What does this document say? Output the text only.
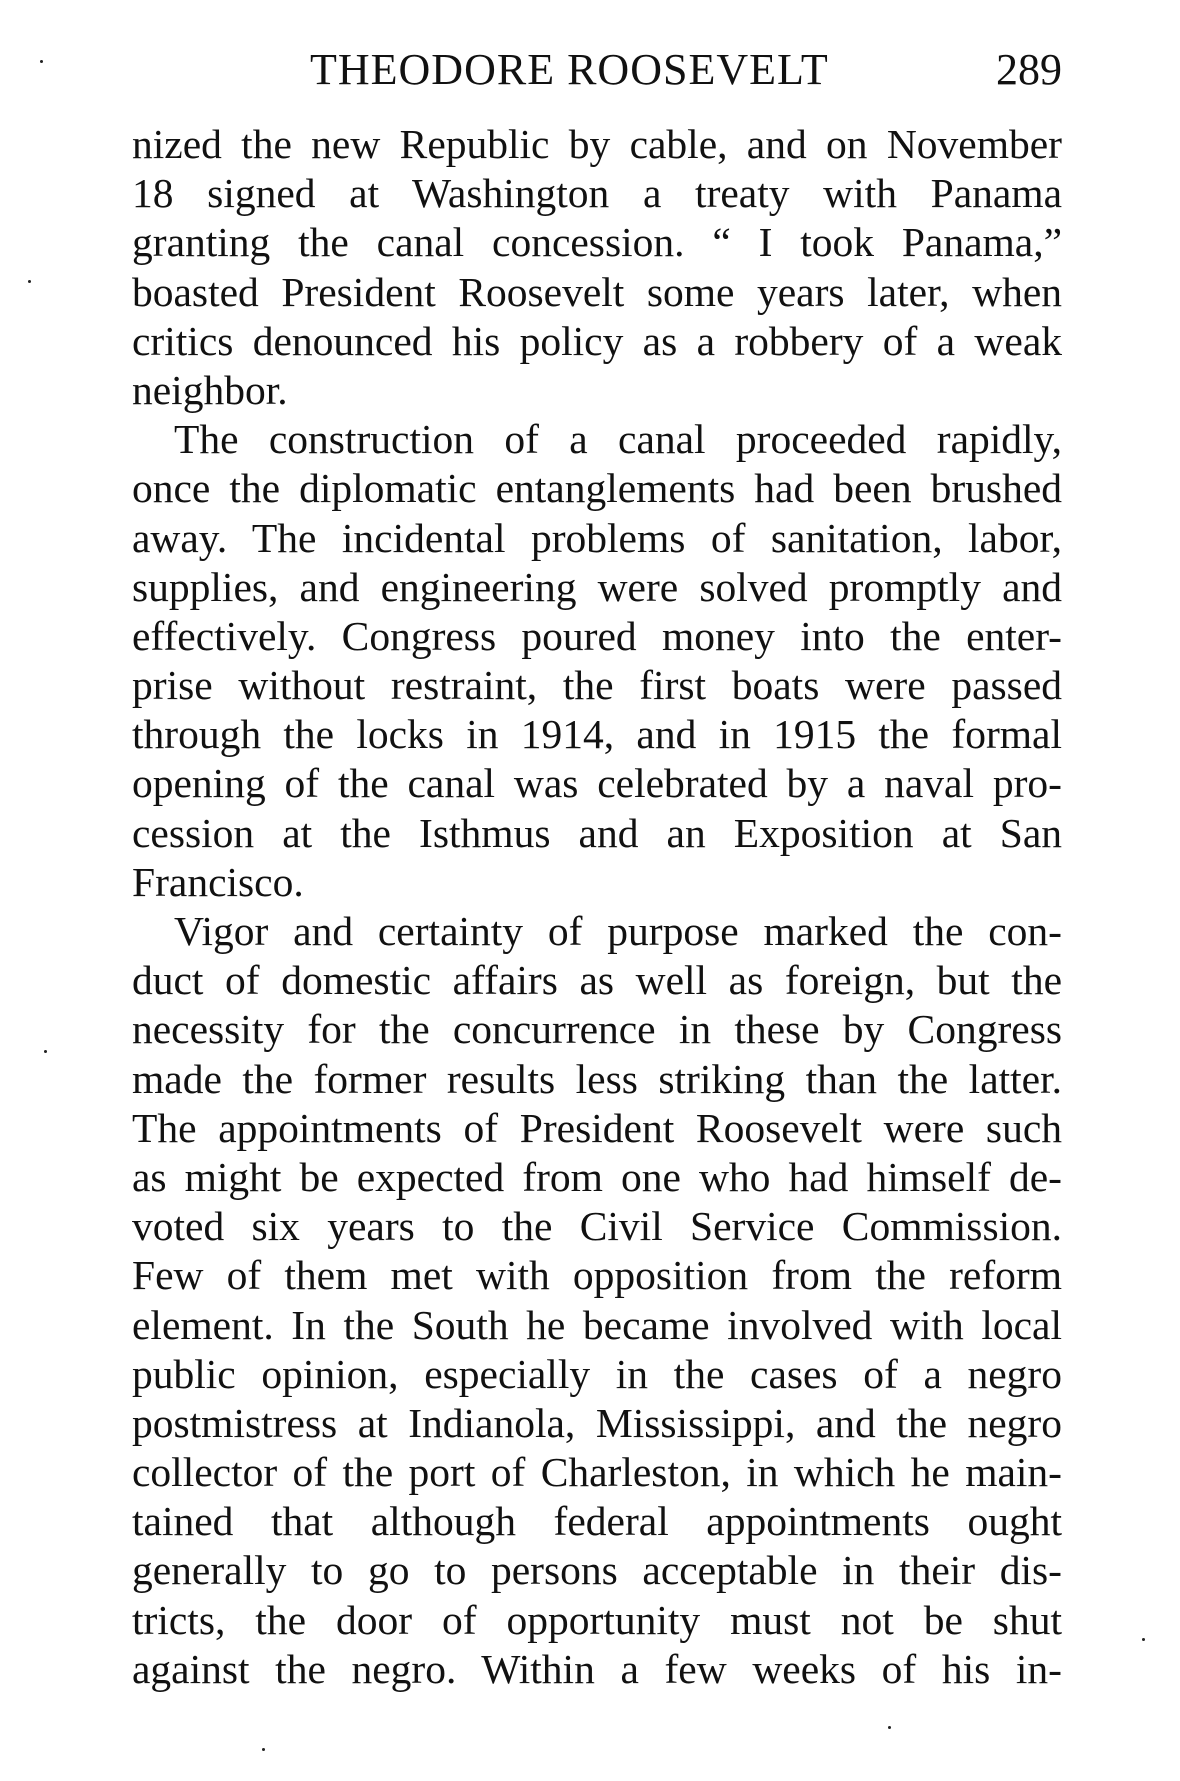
THEODORE ROOSEVELT	289
nized the new Republic by cable, and on November
18 signed at Washington a treaty with Panama
granting the canal concession. “ I took Panama,”
boasted President Roosevelt some years later, when
critics denounced his policy as a robbery of a weak
neighbor.
The construction of a canal proceeded rapidly,
once the diplomatic entanglements had been brushed
away. The incidental problems of sanitation, labor,
supplies, and engineering were solved promptly and
effectively. Congress poured money into the enter-
prise without restraint, the first boats were passed
through the locks in 1914, and in 1915 the formal
opening of the canal was celebrated by a naval pro-
cession at the Isthmus and an Exposition at San
Francisco.
Vigor and certainty of purpose marked the con-
duct of domestic affairs as well as foreign, but the
necessity for the concurrence in these by Congress
made the former results less striking than the latter.
The appointments of President Roosevelt were such
as might be expected from one who had himself de-
voted six years to the Civil Service Commission.
Few of them met with opposition from the reform
element. In the South he became involved with local
public opinion, especially in the cases of a negro
postmistress at Indianola, Mississippi, and the negro
collector of the port of Charleston, in which he main-
tained that although federal appointments ought
generally to go to persons acceptable in their dis-
tricts, the door of opportunity must not be shut
against the negro. Within a few weeks of his in-
